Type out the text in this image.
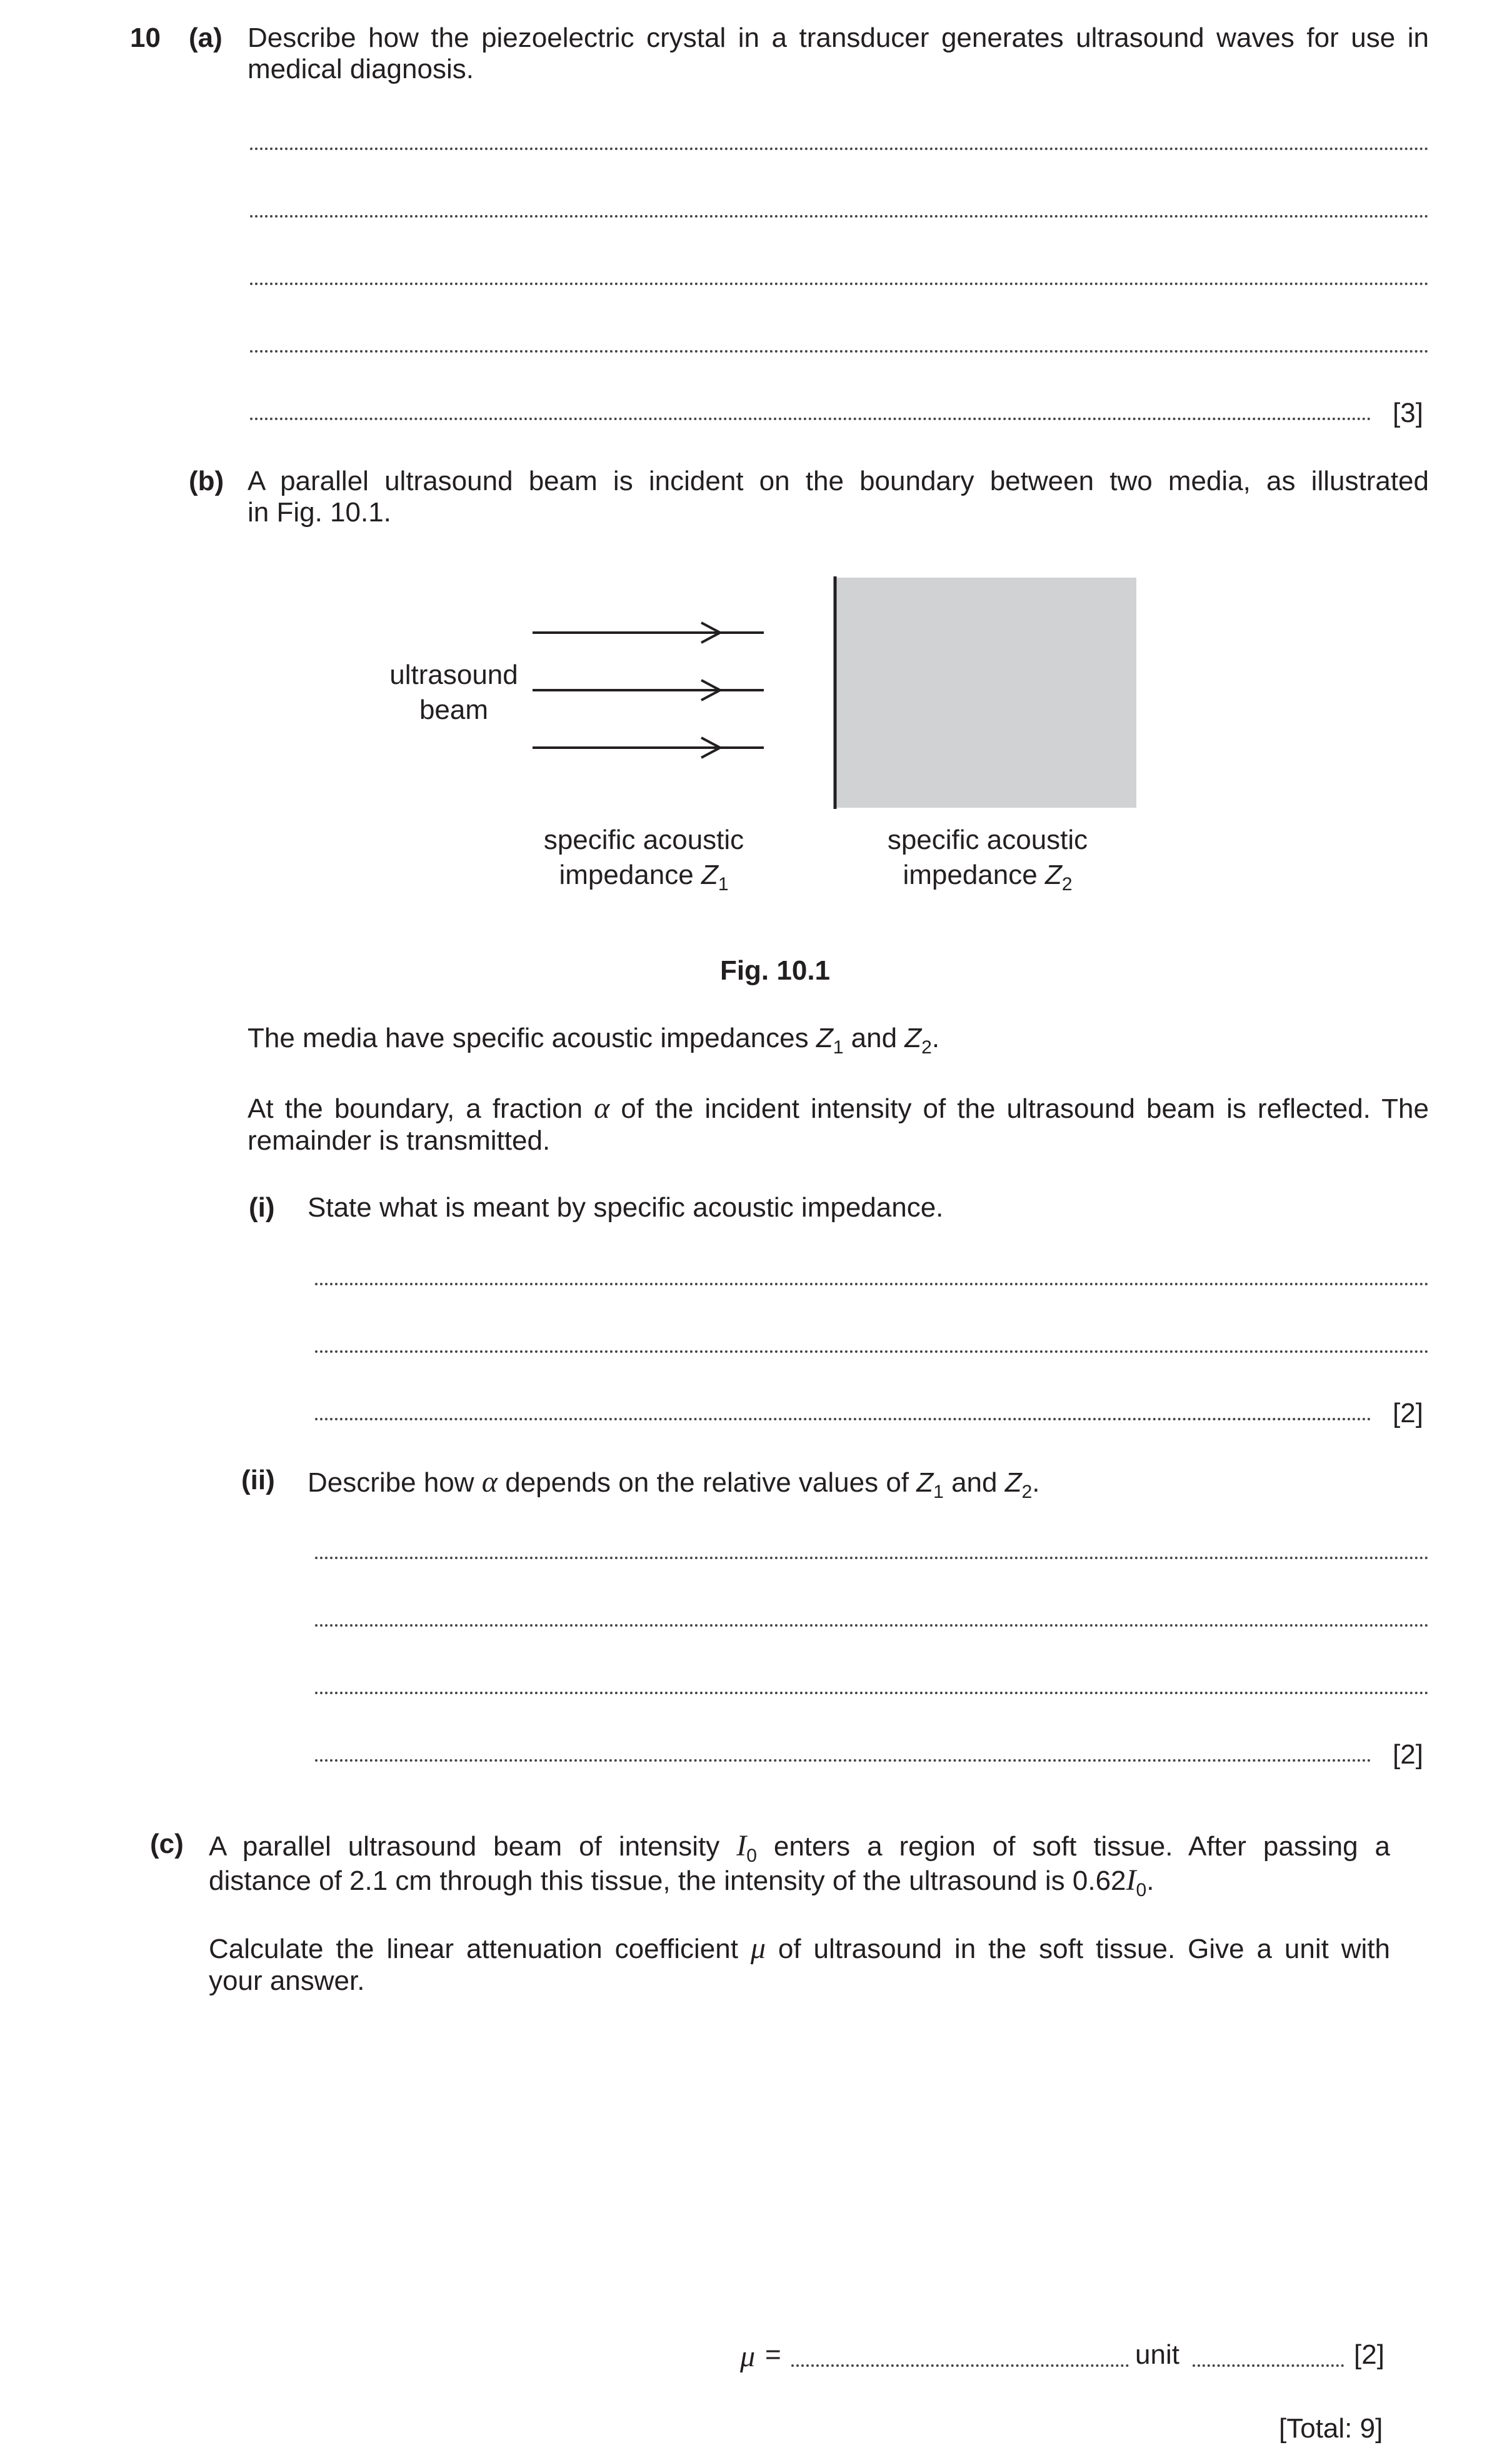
10 (a) Describe how the piezoelectric crystal in a transducer generates ultrasound waves for use in
medical diagnosis.
[3]
(b) A parallel ultrasound beam is incident on the boundary between two media, as illustrated
in Fig. 10.1.
ultrasound
beam
specific acoustic
impedance $Z_1$
specific acoustic
impedance $Z_2$
Fig. 10.1
The media have specific acoustic impedances $Z_1$ and $Z_2$.
At the boundary, a fraction α of the incident intensity of the ultrasound beam is reflected. The
remainder is transmitted.
(i) State what is meant by specific acoustic impedance.
[2]
(ii) Describe how α depends on the relative values of $Z_1$ and $Z_2$.
[2]
(c) A parallel ultrasound beam of intensity $I_0$ enters a region of soft tissue. After passing a
distance of 2.1 cm through this tissue, the intensity of the ultrasound is $0.62I_0$.
Calculate the linear attenuation coefficient μ of ultrasound in the soft tissue. Give a unit with
your answer.
μ =	unit	[2]
[Total: 9]
